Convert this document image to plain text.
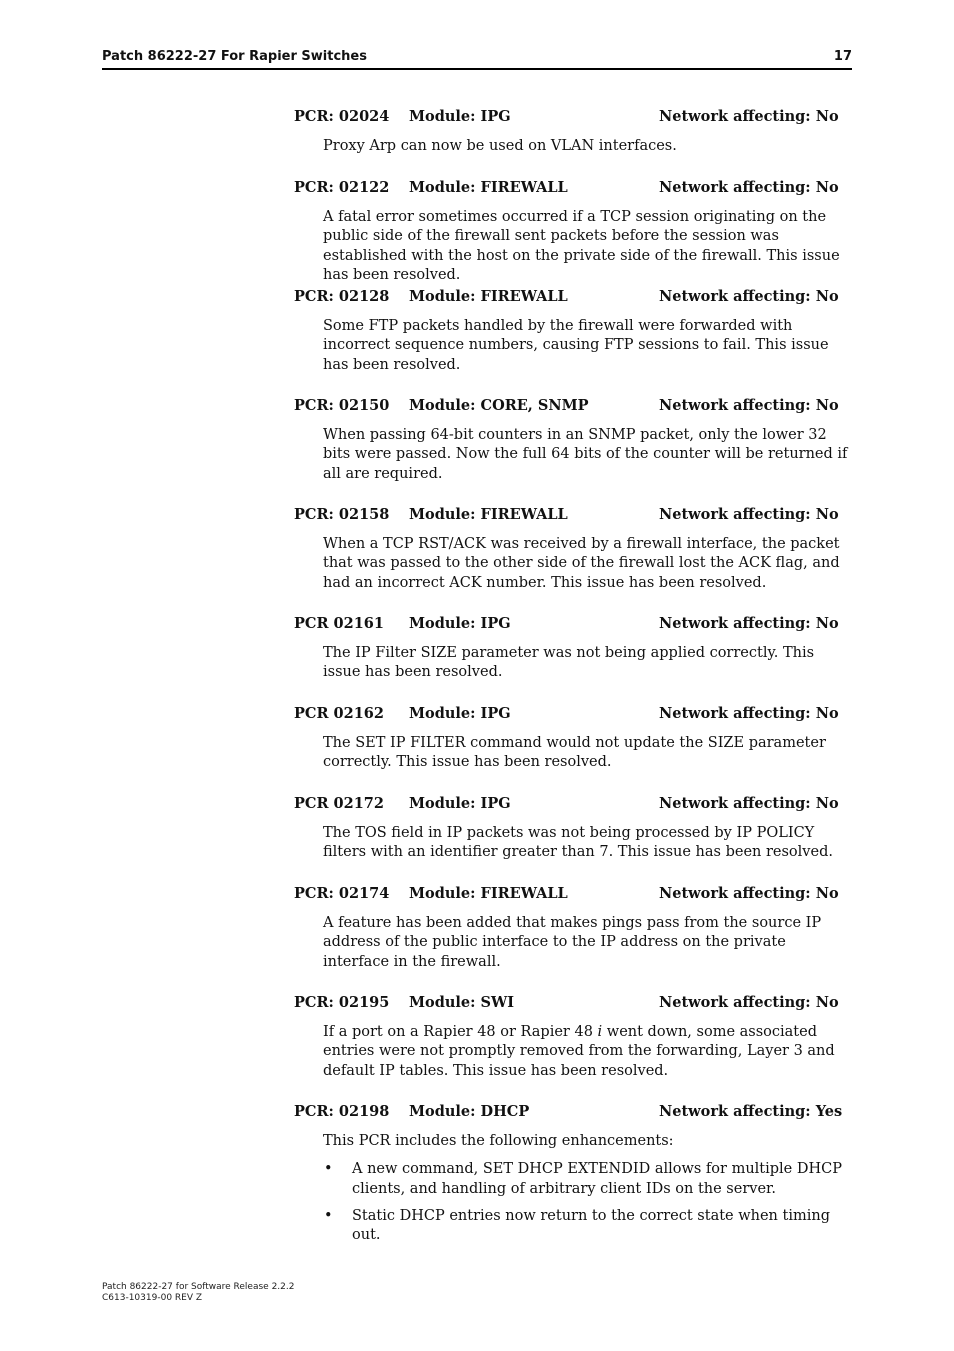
Patch 86222-27 For Rapier Switches	17
PCR: 02024 Module: IPG	Network affecting: No
Proxy Arp can now be used on VLAN interfaces.
PCR: 02122 Module: FIREWALL	Network affecting: No
A fatal error sometimes occurred if a TCP session originating on the public side of the firewall sent packets before the session was established with the host on the private side of the firewall. This issue has been resolved.
PCR: 02128 Module: FIREWALL	Network affecting: No
Some FTP packets handled by the firewall were forwarded with incorrect sequence numbers, causing FTP sessions to fail. This issue has been resolved.
PCR: 02150 Module: CORE, SNMP	Network affecting: No
When passing 64-bit counters in an SNMP packet, only the lower 32 bits were passed. Now the full 64 bits of the counter will be returned if all are required.
PCR: 02158 Module: FIREWALL	Network affecting: No
When a TCP RST/ACK was received by a firewall interface, the packet that was passed to the other side of the firewall lost the ACK flag, and had an incorrect ACK number. This issue has been resolved.
PCR 02161 Module: IPG	Network affecting: No
The IP Filter SIZE parameter was not being applied correctly. This issue has been resolved.
PCR 02162 Module: IPG	Network affecting: No
The SET IP FILTER command would not update the SIZE parameter correctly. This issue has been resolved.
PCR 02172 Module: IPG	Network affecting: No
The TOS field in IP packets was not being processed by IP POLICY filters with an identifier greater than 7. This issue has been resolved.
PCR: 02174 Module: FIREWALL	Network affecting: No
A feature has been added that makes pings pass from the source IP address of the public interface to the IP address on the private interface in the firewall.
PCR: 02195 Module: SWI	Network affecting: No
If a port on a Rapier 48 or Rapier 48 i went down, some associated entries were not promptly removed from the forwarding, Layer 3 and default IP tables. This issue has been resolved.
PCR: 02198 Module: DHCP	Network affecting: Yes
This PCR includes the following enhancements:
• A new command, SET DHCP EXTENDID allows for multiple DHCP clients, and handling of arbitrary client IDs on the server.
• Static DHCP entries now return to the correct state when timing out.
Patch 86222-27 for Software Release 2.2.2
C613-10319-00 REV Z
